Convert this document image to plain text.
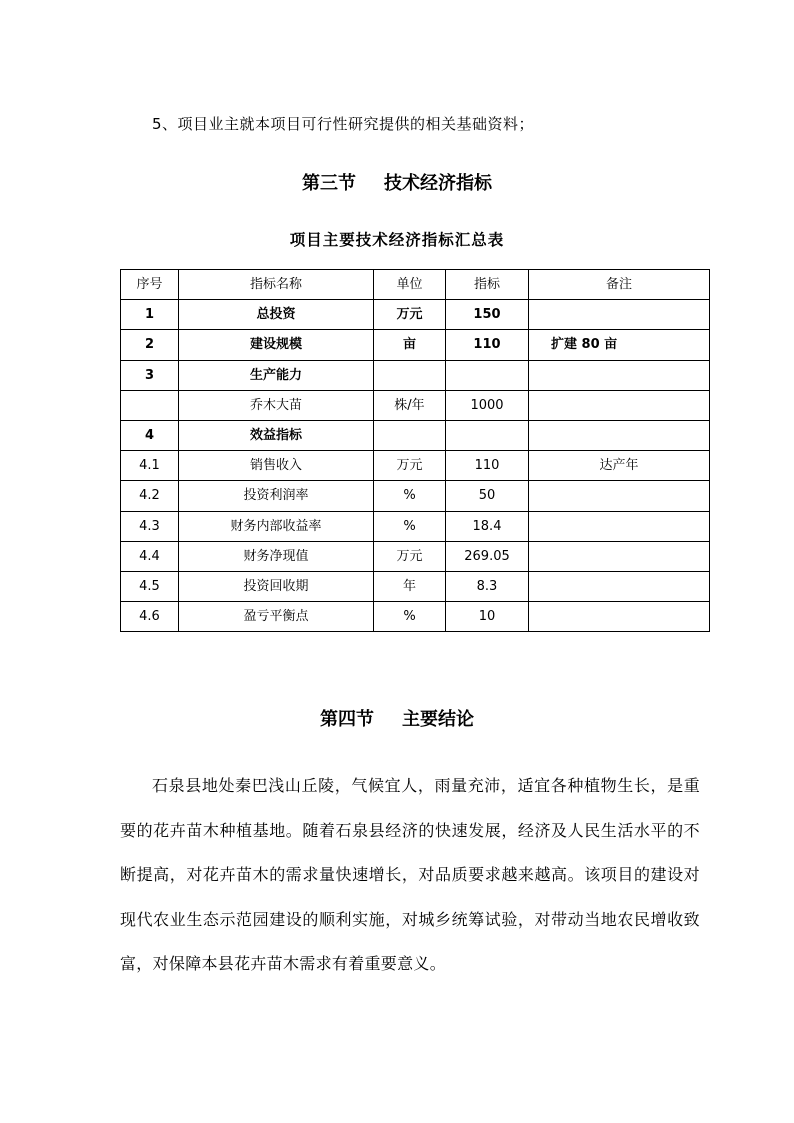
5、项目业主就本项目可行性研究提供的相关基础资料；
第三节 技术经济指标
项目主要技术经济指标汇总表
序号	指标名称	单位	指标	备注
1	总投资	万元	150	
2	建设规模	亩	110	扩建 80 亩
3	生产能力			
	乔木大苗	株/年	1000	
4	效益指标			
4.1	销售收入	万元	110	达产年
4.2	投资利润率	%	50	
4.3	财务内部收益率	%	18.4	
4.4	财务净现值	万元	269.05	
4.5	投资回收期	年	8.3	
4.6	盈亏平衡点	%	10	
第四节 主要结论

石泉县地处秦巴浅山丘陵，气候宜人，雨量充沛，适宜各种植物生长，是重要的花卉苗木种植基地。随着石泉县经济的快速发展，经济及人民生活水平的不断提高，对花卉苗木的需求量快速增长，对品质要求越来越高。该项目的建设对现代农业生态示范园建设的顺利实施，对城乡统筹试验，对带动当地农民增收致富，对保障本县花卉苗木需求有着重要意义。
